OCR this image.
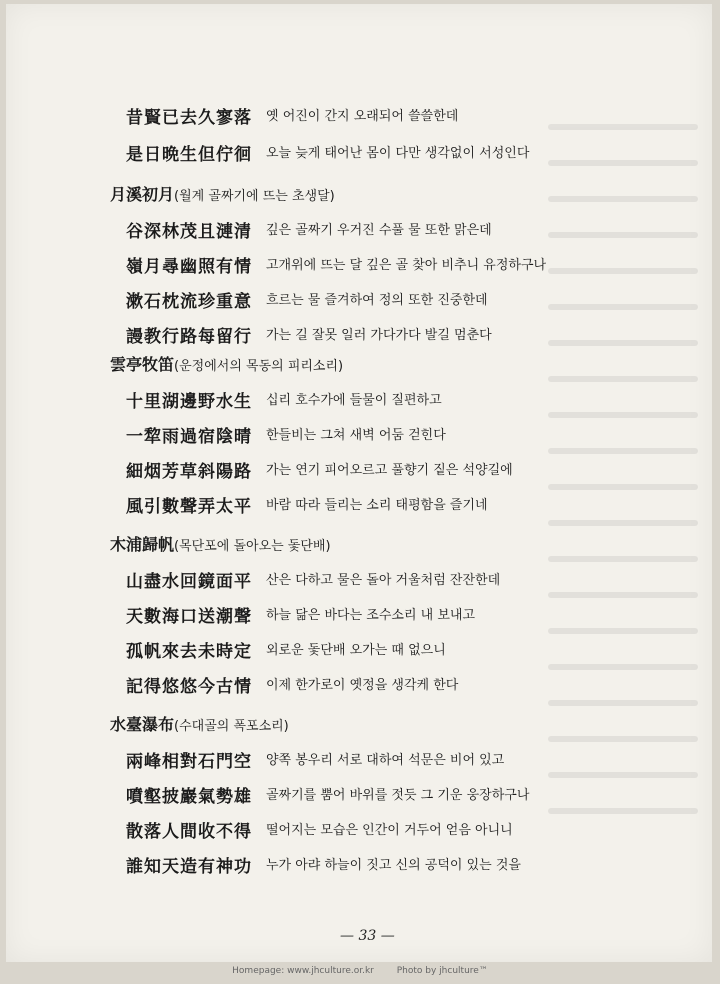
昔賢已去久寥落 옛 어진이 간지 오래되어 쓸쓸한데
是日晩生但佇徊 오늘 늦게 태어난 몸이 다만 생각없이 서성인다
月溪初月(월계 골짜기에 뜨는 초생달)
谷深林茂且漣清 깊은 골짜기 우거진 수풀 물 또한 맑은데
嶺月尋幽照有情 고개위에 뜨는 달 깊은 골 찾아 비추니 유정하구나
漱石枕流珍重意 흐르는 물 즐겨하여 정의 또한 진중한데
謾教行路每留行 가는 길 잘못 일러 가다가다 발길 멈춘다
雲亭牧笛(운정에서의 목동의 피리소리)
十里湖邊野水生 십리 호수가에 들물이 질편하고
一犂雨過宿陰晴 한들비는 그쳐 새벽 어둠 걷힌다
細烟芳草斜陽路 가는 연기 피어오르고 풀향기 짙은 석양길에
風引數聲弄太平 바람 따라 들리는 소리 태평함을 즐기네
木浦歸帆(목단포에 돌아오는 돛단배)
山盡水回鏡面平 산은 다하고 물은 돌아 거울처럼 잔잔한데
天數海口送潮聲 하늘 닮은 바다는 조수소리 내 보내고
孤帆來去未時定 외로운 돛단배 오가는 때 없으니
記得悠悠今古情 이제 한가로이 옛정을 생각케 한다
水臺瀑布(수대골의 폭포소리)
兩峰相對石門空 양쪽 봉우리 서로 대하여 석문은 비어 있고
噴壑披巖氣勢雄 골짜기를 뿜어 바위를 젓듯 그 기운 웅장하구나
散落人間收不得 떨어지는 모습은 인간이 거두어 얻음 아니니
誰知天造有神功 누가 아랴 하늘이 짓고 신의 공덕이 있는 것을
— 33 —
Homepage: www.jhculture.or.kr	Photo by jhculture™
